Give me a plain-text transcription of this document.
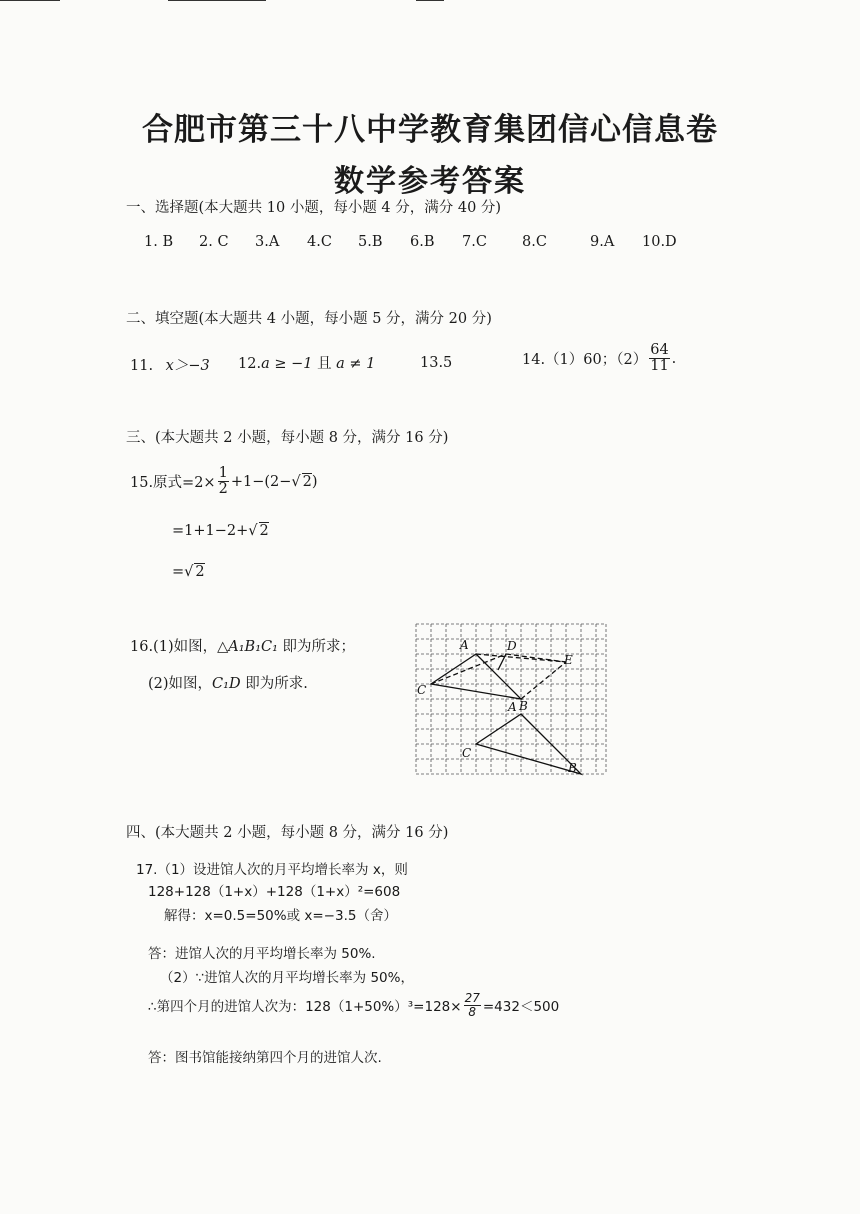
合肥市第三十八中学教育集团信心信息卷
数学参考答案
一、选择题(本大题共 10 小题，每小题 4 分，满分 40 分)
1. B 2. C 3.A 4.C 5.B 6.B 7.C 8.C	9.A 10.D
二、填空题(本大题共 4 小题，每小题 5 分，满分 20 分)
11. x＞−3 12.a ≥ −1 且 a ≠ 1	13.5	14.（1）60；$(2) \frac{64}{11}$ .
三、(本大题共 2 小题，每小题 8 分，满分 16 分)
15.原式$=2\times \frac{1}{2} +1-(2-$ √ 2 )
=1+1−2+√ 2
=√ 2
16.(1)如图，△A₁B₁C₁ 即为所求；
(2)如图，C₁D 即为所求.
A	D
E
C
A B
C
B
四、(本大题共 2 小题，每小题 8 分，满分 16 分)
17.（1）设进馆人次的月平均增长率为 x，则
128+128（1+x）+128（1+x）²=608
解得：x=0.5=50%或 x=−3.5（舍）
答：进馆人次的月平均增长率为 50%.
（2）∵进馆人次的月平均增长率为 50%，
∴第四个月的进馆人次为：$128(1+50\%)^3=128\times \frac{27}{8} =432<500$
答：图书馆能接纳第四个月的进馆人次.
